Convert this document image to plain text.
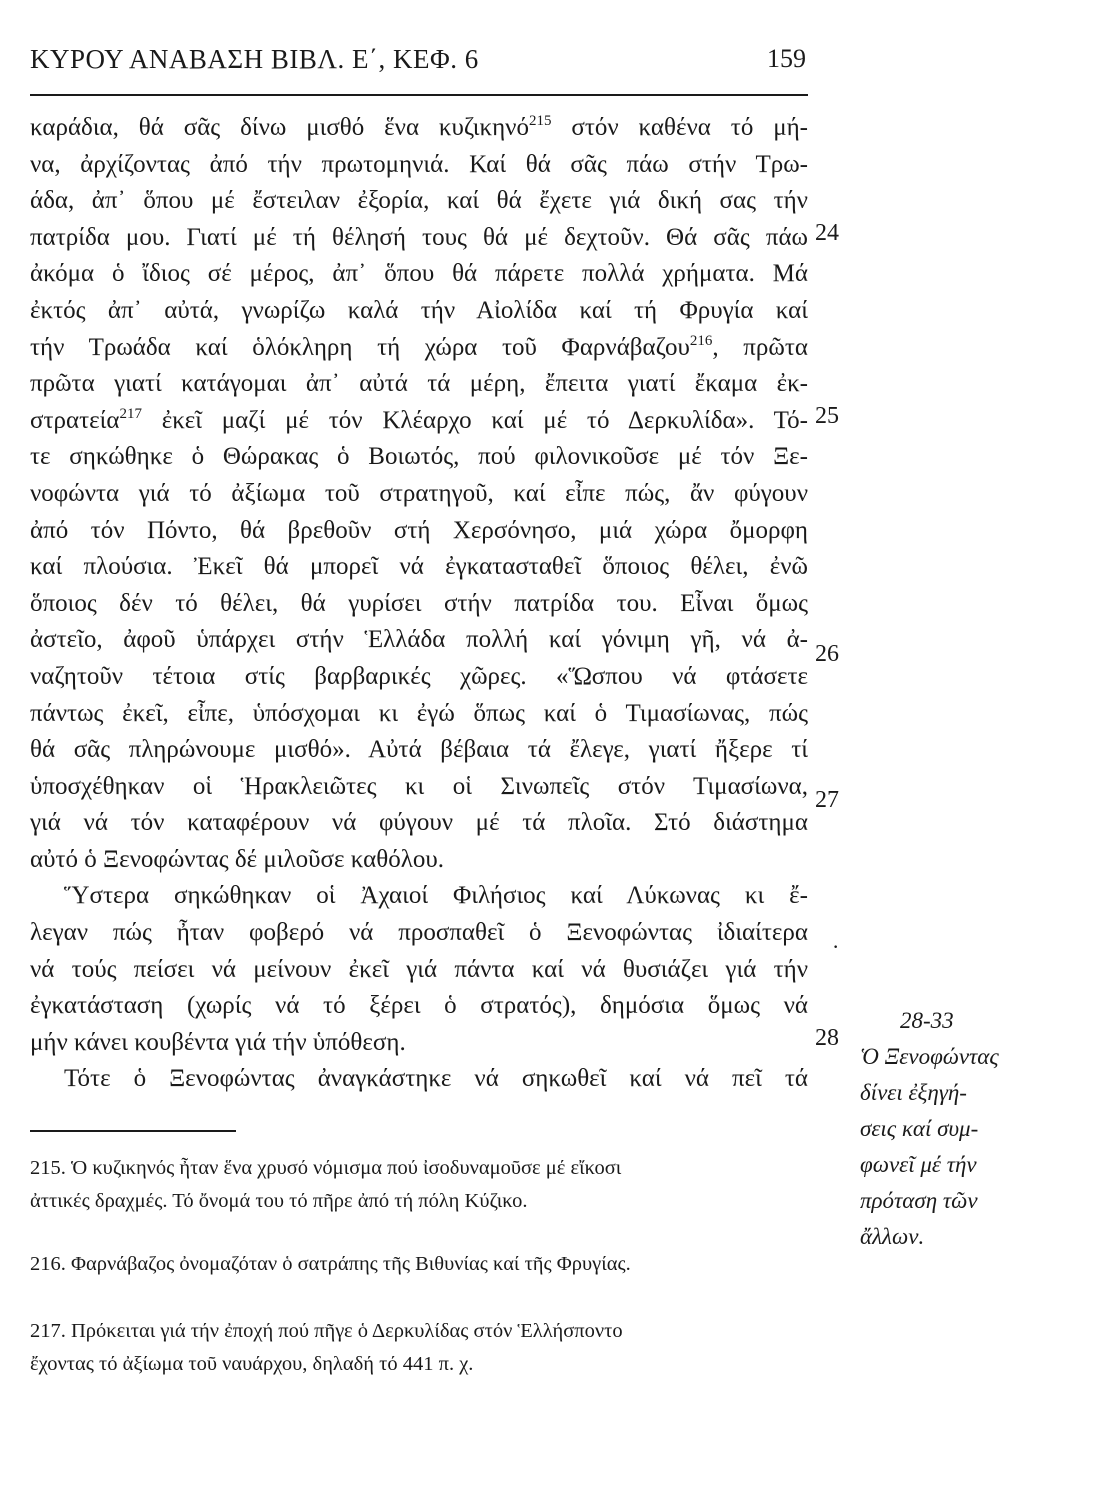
ΚΥΡΟΥ ΑΝΑΒΑΣΗ ΒΙΒΛ. Ε΄, ΚΕΦ. 6	159
καράδια, θά σᾶς δίνω μισθό ἕνα κυζικηνό$^{215}$ στόν καθένα τό μή-
να, ἀρχίζοντας ἀπό τήν πρωτομηνιά. Καί θά σᾶς πάω στήν Τρω-
άδα, ἀπ᾽ ὅπου μέ ἔστειλαν ἐξορία, καί θά ἔχετε γιά δική σας τήν
πατρίδα μου. Γιατί μέ τή θέλησή τους θά μέ δεχτοῦν. Θά σᾶς πάω
ἀκόμα ὁ ἴδιος σέ μέρος, ἀπ᾽ ὅπου θά πάρετε πολλά χρήματα. Μά
ἐκτός ἀπ᾽ αὐτά, γνωρίζω καλά τήν Αἰολίδα καί τή Φρυγία καί
τήν Τρωάδα καί ὁλόκληρη τή χώρα τοῦ Φαρνάβαζου$^{216}$, πρῶτα
πρῶτα γιατί κατάγομαι ἀπ᾽ αὐτά τά μέρη, ἔπειτα γιατί ἔκαμα ἐκ-
στρατεία$^{217}$ ἐκεῖ μαζί μέ τόν Κλέαρχο καί μέ τό Δερκυλίδα». Τό-
τε σηκώθηκε ὁ Θώρακας ὁ Βοιωτός, πού φιλονικοῦσε μέ τόν Ξε-
νοφώντα γιά τό ἀξίωμα τοῦ στρατηγοῦ, καί εἶπε πώς, ἄν φύγουν
ἀπό τόν Πόντο, θά βρεθοῦν στή Χερσόνησο, μιά χώρα ὄμορφη
καί πλούσια. Ἐκεῖ θά μπορεῖ νά ἐγκατασταθεῖ ὅποιος θέλει, ἐνῶ
ὅποιος δέν τό θέλει, θά γυρίσει στήν πατρίδα του. Εἶναι ὅμως
ἀστεῖο, ἀφοῦ ὑπάρχει στήν Ἑλλάδα πολλή καί γόνιμη γῆ, νά ἀ-
ναζητοῦν τέτοια στίς βαρβαρικές χῶρες. «Ὥσπου νά φτάσετε
πάντως ἐκεῖ, εἶπε, ὑπόσχομαι κι ἐγώ ὅπως καί ὁ Τιμασίωνας, πώς
θά σᾶς πληρώνουμε μισθό». Αὐτά βέβαια τά ἔλεγε, γιατί ἤξερε τί
ὑποσχέθηκαν οἱ Ἡρακλειῶτες κι οἱ Σινωπεῖς στόν Τιμασίωνα,
γιά νά τόν καταφέρουν νά φύγουν μέ τά πλοῖα. Στό διάστημα
αὐτό ὁ Ξενοφώντας δέ μιλοῦσε καθόλου.
Ὕστερα σηκώθηκαν οἱ Ἀχαιοί Φιλήσιος καί Λύκωνας κι ἔ-
λεγαν πώς ἦταν φοβερό νά προσπαθεῖ ὁ Ξενοφώντας ἰδιαίτερα
νά τούς πείσει νά μείνουν ἐκεῖ γιά πάντα καί νά θυσιάζει γιά τήν
ἐγκατάσταση (χωρίς νά τό ξέρει ὁ στρατός), δημόσια ὅμως νά
μήν κάνει κουβέντα γιά τήν ὑπόθεση.
Τότε ὁ Ξενοφώντας ἀναγκάστηκε νά σηκωθεῖ καί νά πεῖ τά
24
25
26
27
28
·
28-33
Ὁ Ξενοφώντας
δίνει ἐξηγή-
σεις καί συμ-
φωνεῖ μέ τήν
πρόταση τῶν
ἄλλων.
215. Ὁ κυζικηνός ἦταν ἕνα χρυσό νόμισμα πού ἰσοδυναμοῦσε μέ εἴκοσι
ἀττικές δραχμές. Τό ὄνομά του τό πῆρε ἀπό τή πόλη Κύζικο.
216. Φαρνάβαζος ὀνομαζόταν ὁ σατράπης τῆς Βιθυνίας καί τῆς Φρυγίας.
217. Πρόκειται γιά τήν ἐποχή πού πῆγε ὁ Δερκυλίδας στόν Ἑλλήσποντο
ἔχοντας τό ἀξίωμα τοῦ ναυάρχου, δηλαδή τό 441 π. χ.
